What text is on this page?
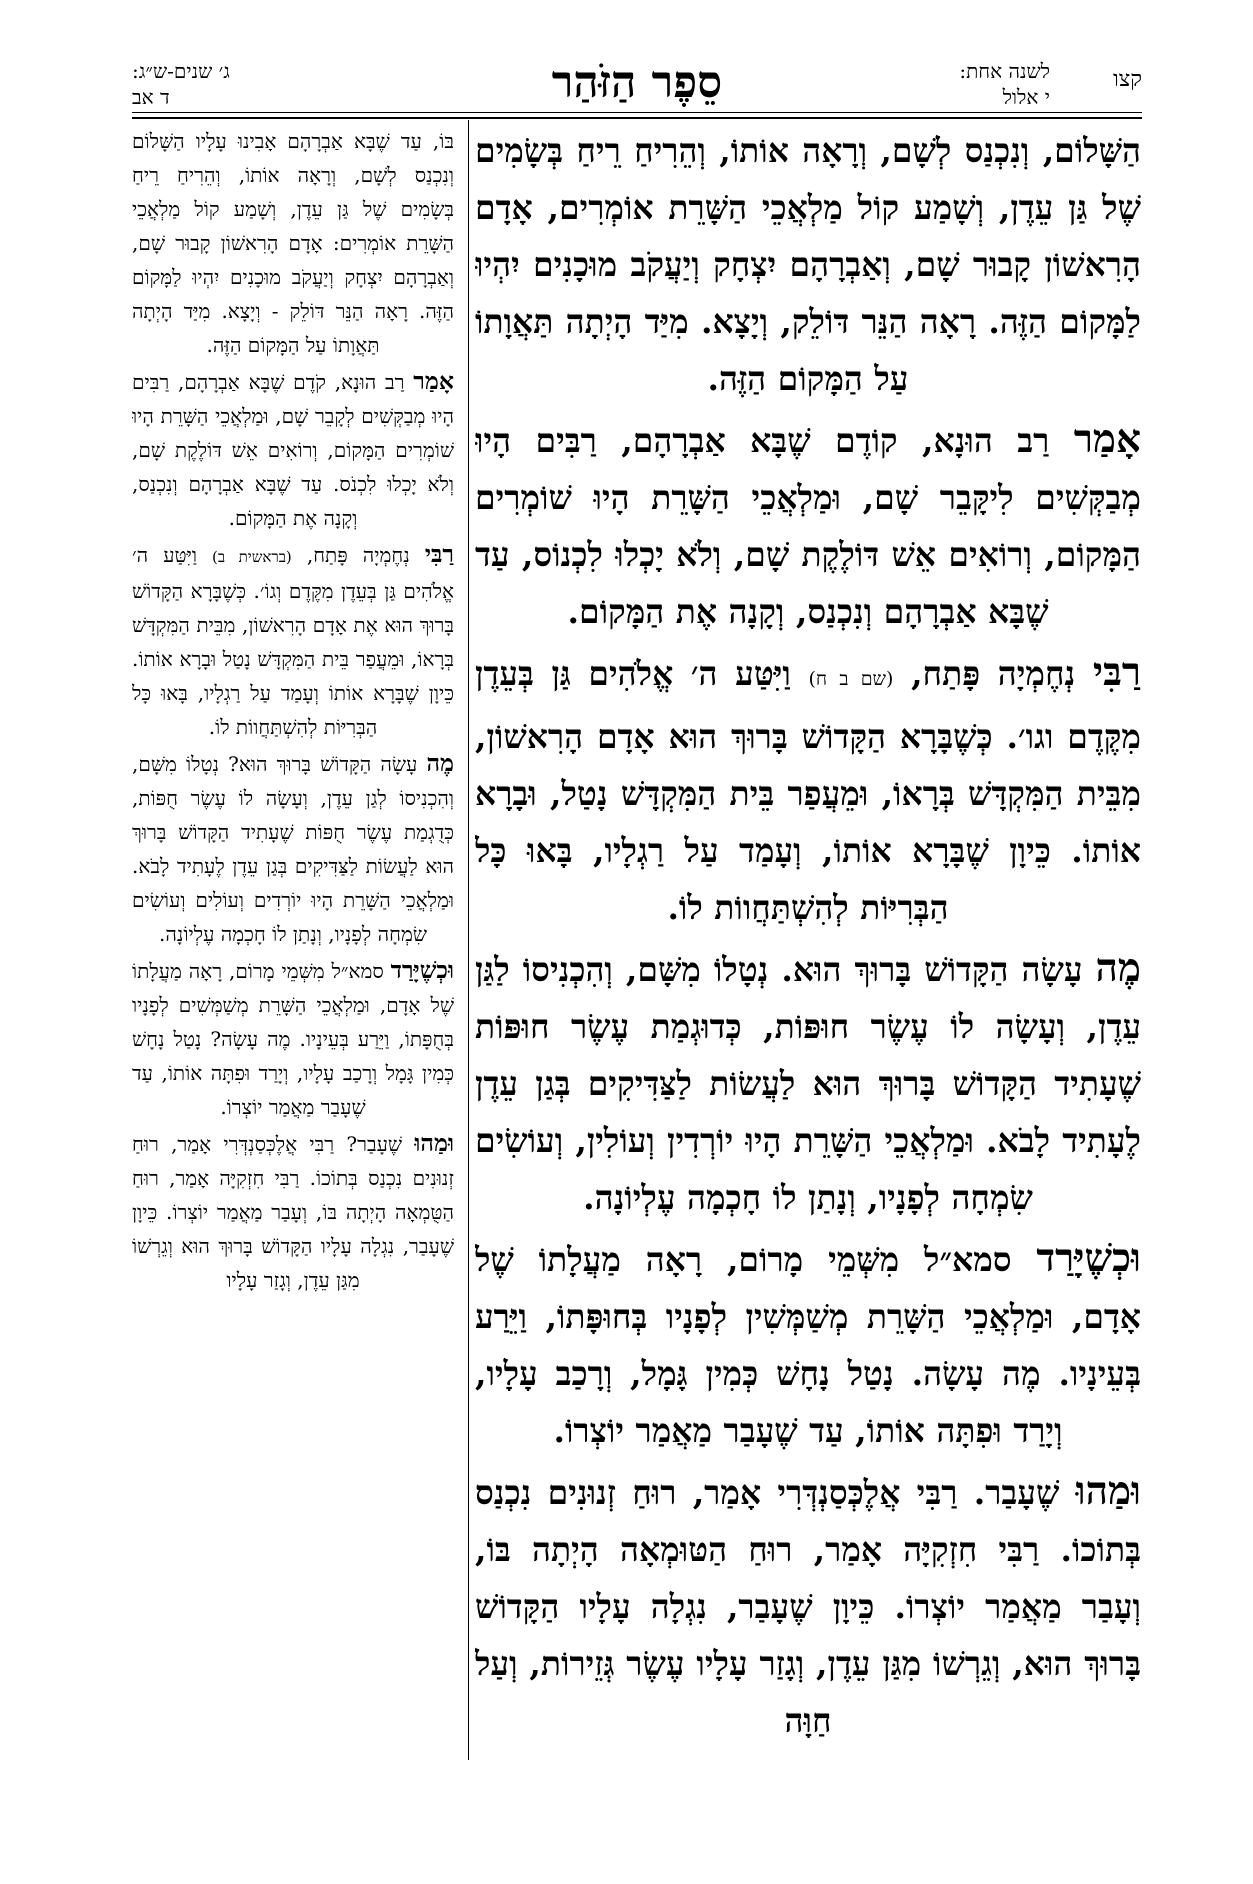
קצו
לשנה אחת:
י אלול
סֵפֶר הַזֹּהַר
ג׳ שנים-ש״ג:
ד אב

הַשָּׁלוֹם, וְנִכְנַס לְשָׁם, וְרָאָה אוֹתוֹ, וְהֵרִיחַ רֵיחַ בְּשָׂמִים שֶׁל גַּן עֵדֶן, וְשָׁמַע קוֹל מַלְאֲכֵי הַשָּׁרֵת אוֹמְרִים, אָדָם הָרִאשׁוֹן קָבוּר שָׁם, וְאַבְרָהָם יִצְחָק וְיַעֲקֹב מוּכָנִים יִהְיוּ לַמָּקוֹם הַזֶּה. רָאָה הַנֵּר דּוֹלֵק, וְיָצָא. מִיַּד הָיְתָה תַּאֲוָתוֹ עַל הַמָּקוֹם הַזֶּה.

אָמַר רַב הוּנָא, קוֹדֶם שֶׁבָּא אַבְרָהָם, רַבִּים הָיוּ מְבַקְּשִׁים לִיקָּבֵר שָׁם, וּמַלְאֲכֵי הַשָּׁרֵת הָיוּ שׁוֹמְרִים הַמָּקוֹם, וְרוֹאִים אֵשׁ דּוֹלֶקֶת שָׁם, וְלֹא יָכְלוּ לִכְנוֹס, עַד שֶׁבָּא אַבְרָהָם וְנִכְנַס, וְקָנָה אֶת הַמָּקוֹם.

רַבִּי נְחֶמְיָה פָּתַח, (שם ב ח) וַיִּטַּע ה׳ אֱלֹהִים גַּן בְּעֵדֶן מִקֶּדֶם וגו׳. כְּשֶׁבָּרָא הַקָּדוֹשׁ בָּרוּךְ הוּא אָדָם הָרִאשׁוֹן, מִבֵּית הַמִּקְדָּשׁ בְּרָאוֹ, וּמֵעֲפַר בֵּית הַמִּקְדָּשׁ נָטַל, וּבָרָא אוֹתוֹ. כֵּיוָן שֶׁבָּרָא אוֹתוֹ, וְעָמַד עַל רַגְלָיו, בָּאוּ כָּל הַבְּרִיּוֹת לְהִשְׁתַּחֲווֹת לוֹ.

מֶה עָשָׂה הַקָּדוֹשׁ בָּרוּךְ הוּא. נְטָלוֹ מִשָּׁם, וְהִכְנִיסוֹ לַגַּן עֵדֶן, וְעָשָׂה לוֹ עֶשֶׂר חוּפּוֹת, כְּדוּגְמַת עֶשֶׂר חוּפּוֹת שֶׁעָתִיד הַקָּדוֹשׁ בָּרוּךְ הוּא לַעֲשׂוֹת לַצַּדִּיקִים בְּגַן עֵדֶן לֶעָתִיד לָבֹא. וּמַלְאֲכֵי הַשָּׁרֵת הָיוּ יוֹרְדִין וְעוֹלִין, וְעוֹשִׂים שִׂמְחָה לְפָנָיו, וְנָתַן לוֹ חָכְמָה עֶלְיוֹנָה.

וּכְשֶׁיָּרַד סמא״ל מִשְּׁמֵי מָרוֹם, רָאָה מַעֲלָתוֹ שֶׁל אָדָם, וּמַלְאֲכֵי הַשָּׁרֵת מְשַׁמְּשִׁין לְפָנָיו בְּחוּפָּתוֹ, וַיֵּרַע בְּעֵינָיו. מֶה עָשָׂה. נָטַל נָחָשׁ כְּמִין גָּמָל, וְרָכַב עָלָיו, וְיָרַד וּפִתָּה אוֹתוֹ, עַד שֶׁעָבַר מַאֲמַר יוֹצְרוֹ.

וּמַהוּ שֶׁעָבַר. רַבִּי אֲלֶכְּסַנְדְּרִי אָמַר, רוּחַ זְנוּנִים נִכְנַס בְּתוֹכוֹ. רַבִּי חִזְקִיָּה אָמַר, רוּחַ הַטּוּמְאָה הָיְתָה בּוֹ, וְעָבַר מַאֲמַר יוֹצְרוֹ. כֵּיוָן שֶׁעָבַר, נִגְלָה עָלָיו הַקָּדוֹשׁ בָּרוּךְ הוּא, וְגֵרְשׁוֹ מִגַּן עֵדֶן, וְגָזַר עָלָיו עֶשֶׂר גְּזֵירוֹת, וְעַל חַוָּה

בּוֹ, עַד שֶׁבָּא אַבְרָהָם אָבִינוּ עָלָיו הַשָּׁלוֹם וְנִכְנַס לְשָׁם, וְרָאָה אוֹתוֹ, וְהֵרִיחַ רֵיחַ בְּשָׂמִים שֶׁל גַּן עֵדֶן, וְשָׁמַע קוֹל מַלְאֲכֵי הַשָּׁרֵת אוֹמְרִים: אָדָם הָרִאשׁוֹן קָבוּר שָׁם, וְאַבְרָהָם יִצְחָק וְיַעֲקֹב מוּכָנִים יִהְיוּ לַמָּקוֹם הַזֶּה. רָאָה הַנֵּר דּוֹלֵק - וְיָצָא. מִיַּד הָיְתָה תַּאֲוָתוֹ עַל הַמָּקוֹם הַזֶּה.

אָמַר רַב הוּנָא, קֹדֶם שֶׁבָּא אַבְרָהָם, רַבִּים הָיוּ מְבַקְּשִׁים לְקָבֵר שָׁם, וּמַלְאֲכֵי הַשָּׁרֵת הָיוּ שׁוֹמְרִים הַמָּקוֹם, וְרוֹאִים אֵשׁ דּוֹלֶקֶת שָׁם, וְלֹא יָכְלוּ לִכְנֹס. עַד שֶׁבָּא אַבְרָהָם וְנִכְנַס, וְקָנָה אֶת הַמָּקוֹם.

רַבִּי נְחֶמְיָה פָּתַח, (בראשית ב) וַיִּטַּע ה׳ אֱלֹהִים גַּן בְּעֵדֶן מִקֶּדֶם וְגוֹ׳. כְּשֶׁבָּרָא הַקָּדוֹשׁ בָּרוּךְ הוּא אֶת אָדָם הָרִאשׁוֹן, מִבֵּית הַמִּקְדָּשׁ בְּרָאוֹ, וּמֵעֲפַר בֵּית הַמִּקְדָּשׁ נָטַל וּבָרָא אוֹתוֹ. כֵּיוָן שֶׁבָּרָא אוֹתוֹ וְעָמַד עַל רַגְלָיו, בָּאוּ כָּל הַבְּרִיּוֹת לְהִשְׁתַּחֲווֹת לוֹ.

מֶה עָשָׂה הַקָּדוֹשׁ בָּרוּךְ הוּא? נְטָלוֹ מִשָּׁם, וְהִכְנִיסוֹ לְגַן עֵדֶן, וְעָשָׂה לוֹ עֶשֶׂר חֻפּוֹת, כְּדֻגְמַת עֶשֶׂר חֻפּוֹת שֶׁעָתִיד הַקָּדוֹשׁ בָּרוּךְ הוּא לַעֲשׂוֹת לַצַּדִּיקִים בְּגַן עֵדֶן לֶעָתִיד לָבֹא. וּמַלְאֲכֵי הַשָּׁרֵת הָיוּ יוֹרְדִים וְעוֹלִים וְעוֹשִׂים שִׂמְחָה לְפָנָיו, וְנָתַן לוֹ חָכְמָה עֶלְיוֹנָה.

וּכְשֶׁיָּרַד סמא״ל מִשְּׁמֵי מָרוֹם, רָאָה מַעֲלָתוֹ שֶׁל אָדָם, וּמַלְאֲכֵי הַשָּׁרֵת מְשַׁמְּשִׁים לְפָנָיו בְּחֻפָּתוֹ, וַיֵּרַע בְּעֵינָיו. מֶה עָשָׂה? נָטַל נָחָשׁ כְּמִין גָּמָל וְרָכַב עָלָיו, וְיָרַד וּפִתָּה אוֹתוֹ, עַד שֶׁעָבַר מַאֲמַר יוֹצְרוֹ.

וּמַהוּ שֶׁעָבַר? רַבִּי אֲלֶכְּסַנְדְּרִי אָמַר, רוּחַ זְנוּנִים נִכְנַס בְּתוֹכוֹ. רַבִּי חִזְקִיָּה אָמַר, רוּחַ הַטֻּמְאָה הָיְתָה בּוֹ, וְעָבַר מַאֲמַר יוֹצְרוֹ. כֵּיוָן שֶׁעָבַר, נִגְלָה עָלָיו הַקָּדוֹשׁ בָּרוּךְ הוּא וְגֵרְשׁוֹ מִגַּן עֵדֶן, וְגָזַר עָלָיו
